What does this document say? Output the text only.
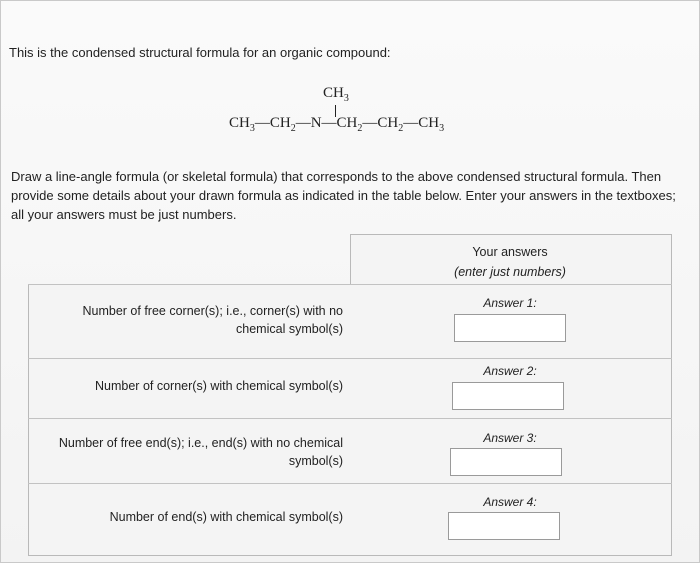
This is the condensed structural formula for an organic compound:
$CH_3$
$CH_3—CH_2—N—CH_2—CH_2—CH_3$
Draw a line-angle formula (or skeletal formula) that corresponds to the above condensed structural formula. Then provide some details about your drawn formula as indicated in the table below. Enter your answers in the textboxes; all your answers must be just numbers.
Your answers
(enter just numbers)
Number of free corner(s); i.e., corner(s) with no
chemical symbol(s)
Answer 1:
Number of corner(s) with chemical symbol(s)
Answer 2:
Number of free end(s); i.e., end(s) with no chemical
symbol(s)
Answer 3:
Number of end(s) with chemical symbol(s)
Answer 4:
